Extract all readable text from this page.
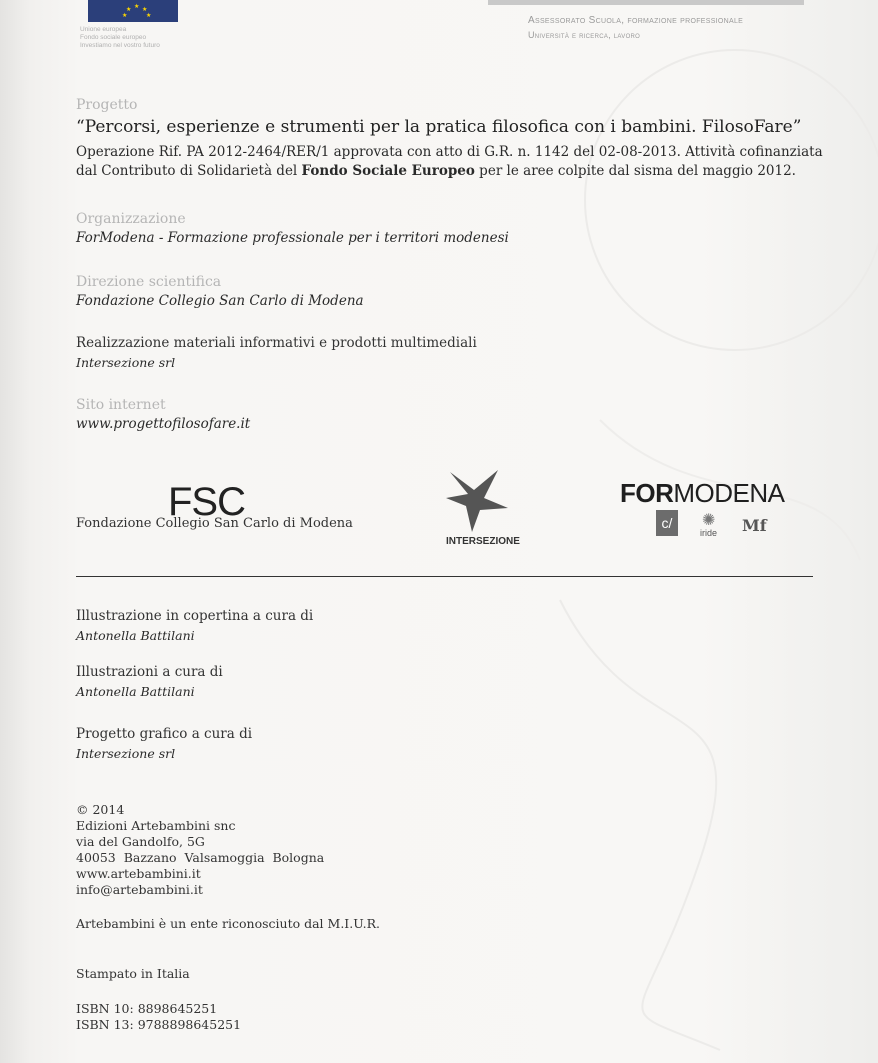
★ ★ ★
★	★
Unione europea
Fondo sociale europeo
Investiamo nel vostro futuro
Assessorato Scuola, formazione professionale
Università e ricerca, lavoro
Progetto
“Percorsi, esperienze e strumenti per la pratica filosofica con i bambini. FilosoFare”
Operazione Rif. PA 2012-2464/RER/1 approvata con atto di G.R. n. 1142 del 02-08-2013. Attività cofinanziata
dal Contributo di Solidarietà del Fondo Sociale Europeo per le aree colpite dal sisma del maggio 2012.
Organizzazione
ForModena - Formazione professionale per i territori modenesi
Direzione scientifica
Fondazione Collegio San Carlo di Modena
Realizzazione materiali informativi e prodotti multimediali
Intersezione srl
Sito internet
www.progettofilosofare.it
FSC
Fondazione Collegio San Carlo di Modena
INTERSEZIONE
FORMODENA
c/	✺
iride Mf
Illustrazione in copertina a cura di
Antonella Battilani
Illustrazioni a cura di
Antonella Battilani
Progetto grafico a cura di
Intersezione srl
© 2014
Edizioni Artebambini snc
via del Gandolfo, 5G
40053  Bazzano  Valsamoggia  Bologna
www.artebambini.it
info@artebambini.it
Artebambini è un ente riconosciuto dal M.I.U.R.
Stampato in Italia
ISBN 10: 8898645251
ISBN 13: 9788898645251
